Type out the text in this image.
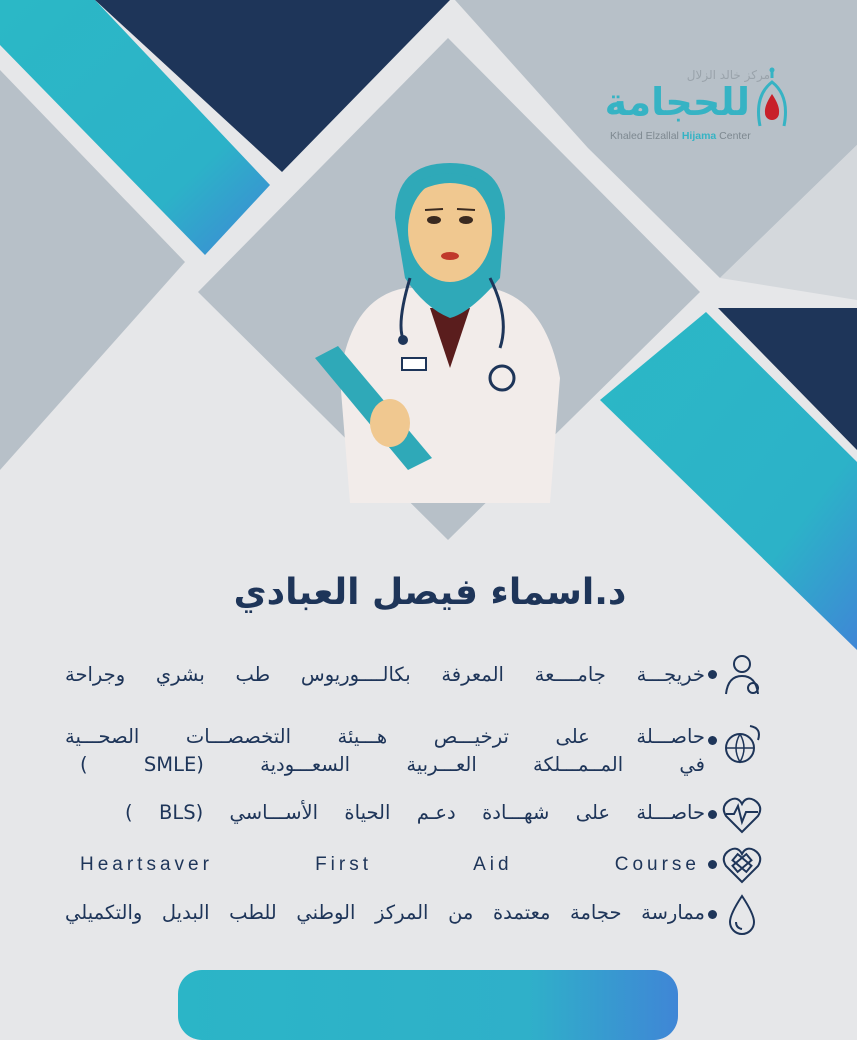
مركز خالد الزلال
للحجامة
Khaled Elzallal Hijama Center
د.اسماء فيصل العبادي
خريجـــة جامــــعة المعرفة بكالــــوريوس طب بشري وجراحة
حاصـــلة على ترخيـــص هـــيئة التخصصـــات الصحـــية
في المــمـــلكة العـــربية السعـــودية (SMLE )
حاصـــلة على شهـــادة دعـم الحياة الأســـاسي (BLS )
Heartsaver First Aid Course
ممارسة حجامة معتمدة من المركز الوطني للطب البديل والتكميلي
